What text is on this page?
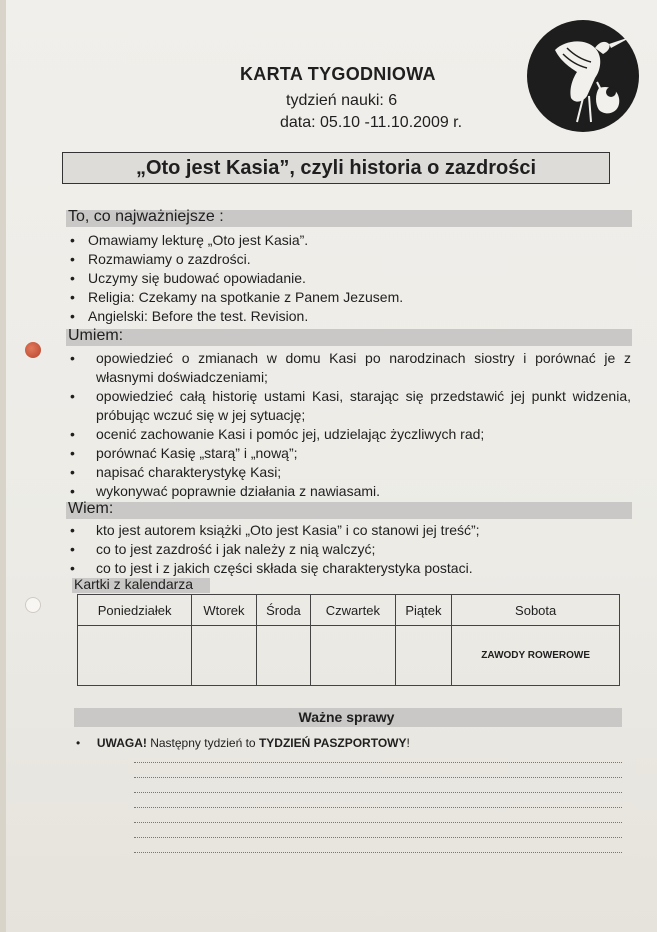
KARTA TYGODNIOWA
tydzień nauki: 6
data: 05.10 -11.10.2009 r.
„Oto jest Kasia”, czyli historia o zazdrości
To, co najważniejsze :
• Omawiamy lekturę „Oto jest Kasia”.
• Rozmawiamy o zazdrości.
• Uczymy się budować opowiadanie.
• Religia: Czekamy na spotkanie z Panem Jezusem.
• Angielski: Before the test. Revision.
Umiem:
• opowiedzieć o zmianach w domu Kasi po narodzinach siostry i porównać je z własnymi doświadczeniami;
• opowiedzieć całą historię ustami Kasi, starając się przedstawić jej punkt widzenia, próbując wczuć się w jej sytuację;
• ocenić zachowanie Kasi i pomóc jej, udzielając życzliwych rad;
• porównać Kasię „starą” i „nową”;
• napisać charakterystykę Kasi;
• wykonywać poprawnie działania z nawiasami.
Wiem:
• kto jest autorem książki „Oto jest Kasia” i co stanowi jej treść”;
• co to jest zazdrość i jak należy z nią walczyć;
• co to jest i z jakich części składa się charakterystyka postaci.
Kartki z kalendarza
Poniedziałek	Wtorek	Środa	Czwartek	Piątek	Sobota
					ZAWODY ROWEROWE
Ważne sprawy
•     UWAGA! Następny tydzień to TYDZIEŃ PASZPORTOWY!
